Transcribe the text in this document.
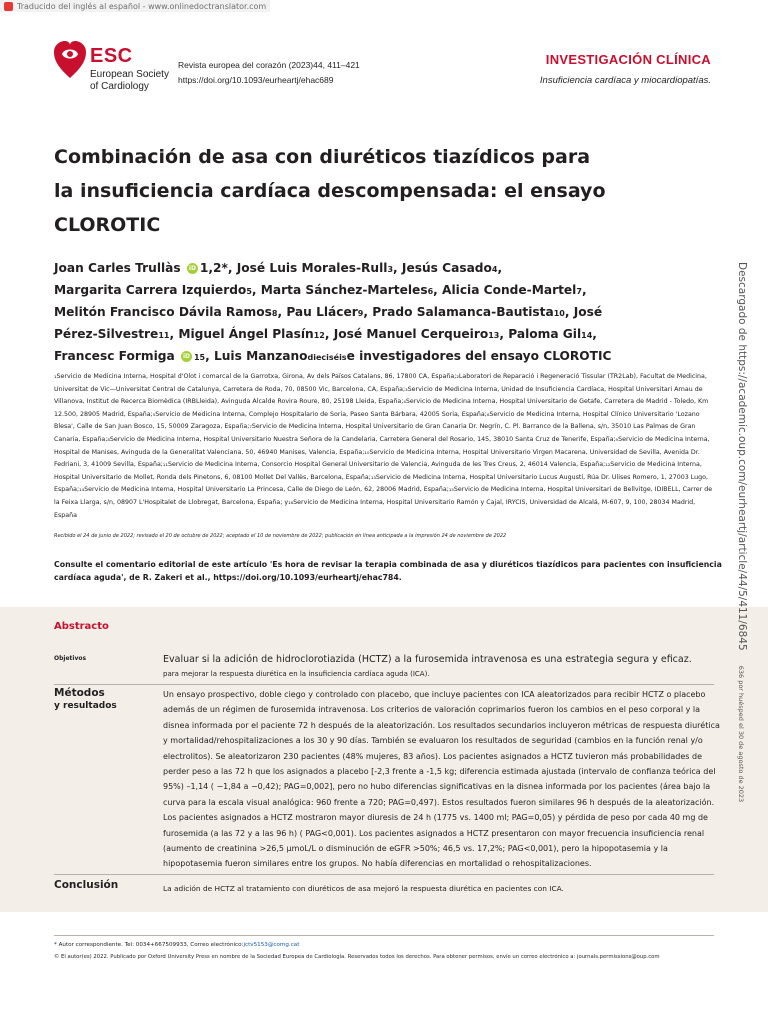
Traducido del inglés al español - www.onlinedoctranslator.com
ESC
European Society
of Cardiology
Revista europea del corazón (2023)44, 411–421
https://doi.org/10.1093/eurheartj/ehac689
INVESTIGACIÓN CLÍNICA
Insuficiencia cardíaca y miocardiopatías.
Combinación de asa con diuréticos tiazídicos para la insuficiencia cardíaca descompensada: el ensayo CLOROTIC
Joan Carles Trullàs iD 1,2*, José Luis Morales-Rull3, Jesús Casado4,
Margarita Carrera Izquierdo5, Marta Sánchez-Marteles6, Alicia Conde-Martel7,
Melitón Francisco Dávila Ramos8, Pau Llácer9, Prado Salamanca-Bautista10, José
Pérez-Silvestre11, Miguel Ángel Plasín12, José Manuel Cerqueiro13, Paloma Gil14,
Francesc Formiga iD 15, Luis Manzanodieciséise investigadores del ensayo CLOROTIC
₁Servicio de Medicina Interna, Hospital d'Olot i comarcal de la Garrotxa, Girona, Av dels Països Catalans, 86, 17800 CA, España;₂Laboratori de Reparació i Regeneració Tissular (TR2Lab), Facultat de Medicina, Universitat de Vic—Universitat Central de Catalunya, Carretera de Roda, 70, 08500 Vic, Barcelona, CA, España;₃Servicio de Medicina Interna, Unidad de Insuficiencia Cardíaca, Hospital Universitari Arnau de Villanova, Institut de Recerca Biomèdica (IRBLleida), Avinguda Alcalde Rovira Roure, 80, 25198 Lleida, España;₄Servicio de Medicina Interna, Hospital Universitario de Getafe, Carretera de Madrid - Toledo, Km 12.500, 28905 Madrid, España;₅Servicio de Medicina Interna, Complejo Hospitalario de Soria, Paseo Santa Bárbara, 42005 Soria, España;₆Servicio de Medicina Interna, Hospital Clínico Universitario 'Lozano Blesa', Calle de San Juan Bosco, 15, 50009 Zaragoza, España;₇Servicio de Medicina Interna, Hospital Universitario de Gran Canaria Dr. Negrín, C. Pl. Barranco de la Ballena, s/n, 35010 Las Palmas de Gran Canaria, España;₈Servicio de Medicina Interna, Hospital Universitario Nuestra Señora de la Candelaria, Carretera General del Rosario, 145, 38010 Santa Cruz de Tenerife, España;₉Servicio de Medicina Interna, Hospital de Manises, Avinguda de la Generalitat Valenciana, 50, 46940 Manises, Valencia, España;₁₀Servicio de Medicina Interna, Hospital Universitario Virgen Macarena, Universidad de Sevilla, Avenida Dr. Fedriani, 3, 41009 Sevilla, España;₁₁Servicio de Medicina Interna, Consorcio Hospital General Universitario de Valencia, Avinguda de les Tres Creus, 2, 46014 Valencia, España;₁₂Servicio de Medicina Interna, Hospital Universitario de Mollet, Ronda dels Pinetons, 6, 08100 Mollet Del Vallès, Barcelona, España;₁₃Servicio de Medicina Interna, Hospital Universitario Lucus Augusti, Rúa Dr. Ulises Romero, 1, 27003 Lugo, España;₁₄Servicio de Medicina Interna, Hospital Universitario La Princesa, Calle de Diego de León, 62, 28006 Madrid, España;₁₅Servicio de Medicina Interna, Hospital Universitari de Bellvitge, IDIBELL, Carrer de la Feixa Llarga, s/n, 08907 L'Hospitalet de Llobregat, Barcelona, España; y₁₆Servicio de Medicina Interna, Hospital Universitario Ramón y Cajal, IRYCIS, Universidad de Alcalá, M-607, 9, 100, 28034 Madrid, España
Recibido el 24 de junio de 2022; revisado el 20 de octubre de 2022; aceptado el 10 de noviembre de 2022; publicación en línea anticipada a la impresión 24 de noviembre de 2022
Consulte el comentario editorial de este artículo 'Es hora de revisar la terapia combinada de asa y diuréticos tiazídicos para pacientes con insuficiencia cardíaca aguda', de R. Zakeri et al., https://doi.org/10.1093/eurheartj/ehac784.
Abstracto
Objetivos	Evaluar si la adición de hidroclorotiazida (HCTZ) a la furosemida intravenosa es una estrategia segura y eficaz.
para mejorar la respuesta diurética en la insuficiencia cardíaca aguda (ICA).
Métodos
y resultados
Un ensayo prospectivo, doble ciego y controlado con placebo, que incluye pacientes con ICA aleatorizados para recibir HCTZ o placebo además de un régimen de furosemida intravenosa. Los criterios de valoración coprimarios fueron los cambios en el peso corporal y la disnea informada por el paciente 72 h después de la aleatorización. Los resultados secundarios incluyeron métricas de respuesta diurética y mortalidad/rehospitalizaciones a los 30 y 90 días. También se evaluaron los resultados de seguridad (cambios en la función renal y/o electrolitos). Se aleatorizaron 230 pacientes (48% mujeres, 83 años). Los pacientes asignados a HCTZ tuvieron más probabilidades de perder peso a las 72 h que los asignados a placebo [-2,3 frente a -1,5 kg; diferencia estimada ajustada (intervalo de confianza teórica del 95%) –1,14 ( −1,84 a −0,42); PAG=0,002], pero no hubo diferencias significativas en la disnea informada por los pacientes (área bajo la curva para la escala visual analógica: 960 frente a 720; PAG=0,497). Estos resultados fueron similares 96 h después de la aleatorización. Los pacientes asignados a HCTZ mostraron mayor diuresis de 24 h (1775 vs. 1400 ml; PAG=0,05) y pérdida de peso por cada 40 mg de furosemida (a las 72 y a las 96 h) ( PAG<0,001). Los pacientes asignados a HCTZ presentaron con mayor frecuencia insuficiencia renal (aumento de creatinina >26,5 μmoL/L o disminución de eGFR >50%; 46,5 vs. 17,2%; PAG<0,001), pero la hipopotasemia y la hipopotasemia fueron similares entre los grupos. No había diferencias en mortalidad o rehospitalizaciones.
Conclusión	La adición de HCTZ al tratamiento con diuréticos de asa mejoró la respuesta diurética en pacientes con ICA.
* Autor correspondiente. Tel: 0034+667509933, Correo electrónico:jctv5153@comg.cat
© El autor(es) 2022. Publicado por Oxford University Press en nombre de la Sociedad Europea de Cardiología. Reservados todos los derechos. Para obtener permisos, envíe un correo electrónico a: journals.permissions@oup.com
Descargado de https://academic.oup.com/eurheartj/article/44/5/411/6845 636 por huésped el 30 de agosto de 2023
